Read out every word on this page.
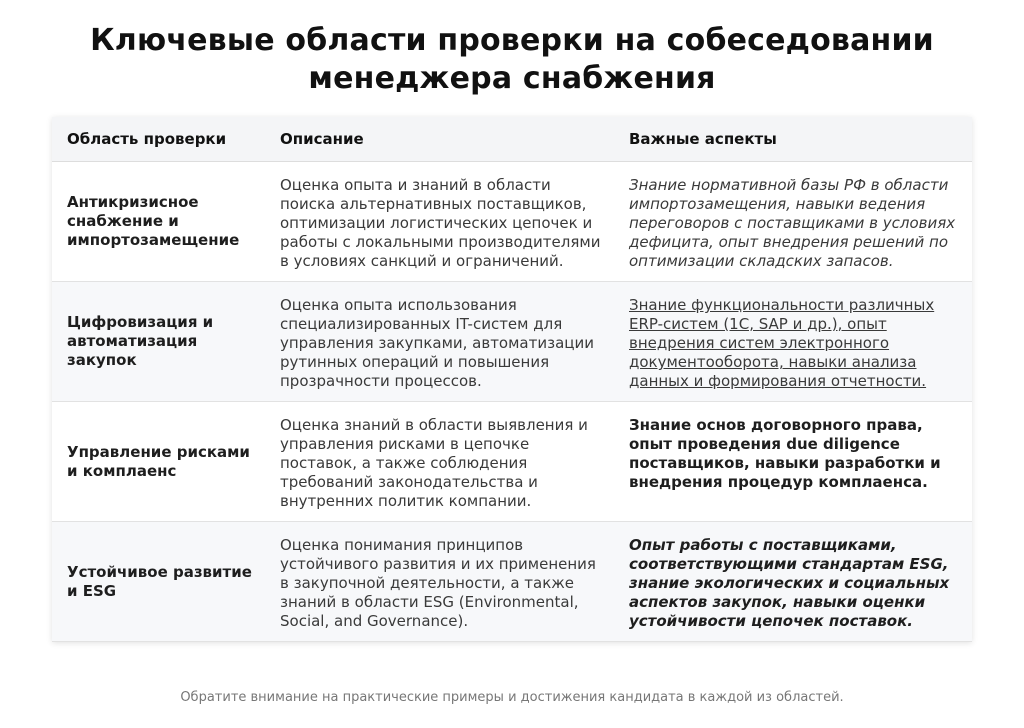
Ключевые области проверки на собеседовании
менеджера снабжения
Область проверки	Описание	Важные аспекты
Антикризисное снабжение и импортозамещение	Оценка опыта и знаний в области поиска альтернативных поставщиков, оптимизации логистических цепочек и работы с локальными производителями в условиях санкций и ограничений.	Знание нормативной базы РФ в области импортозамещения, навыки ведения переговоров с поставщиками в условиях дефицита, опыт внедрения решений по оптимизации складских запасов.
Цифровизация и автоматизация закупок	Оценка опыта использования специализированных IT-систем для управления закупками, автоматизации рутинных операций и повышения прозрачности процессов.	Знание функциональности различных ERP-систем (1С, SAP и др.), опыт внедрения систем электронного документооборота, навыки анализа данных и формирования отчетности.
Управление рисками и комплаенс	Оценка знаний в области выявления и управления рисками в цепочке поставок, а также соблюдения требований законодательства и внутренних политик компании.	Знание основ договорного права, опыт проведения due diligence поставщиков, навыки разработки и внедрения процедур комплаенса.
Устойчивое развитие и ESG	Оценка понимания принципов устойчивого развития и их применения в закупочной деятельности, а также знаний в области ESG (Environmental, Social, and Governance).	Опыт работы с поставщиками, соответствующими стандартам ESG, знание экологических и социальных аспектов закупок, навыки оценки устойчивости цепочек поставок.
Обратите внимание на практические примеры и достижения кандидата в каждой из областей.
